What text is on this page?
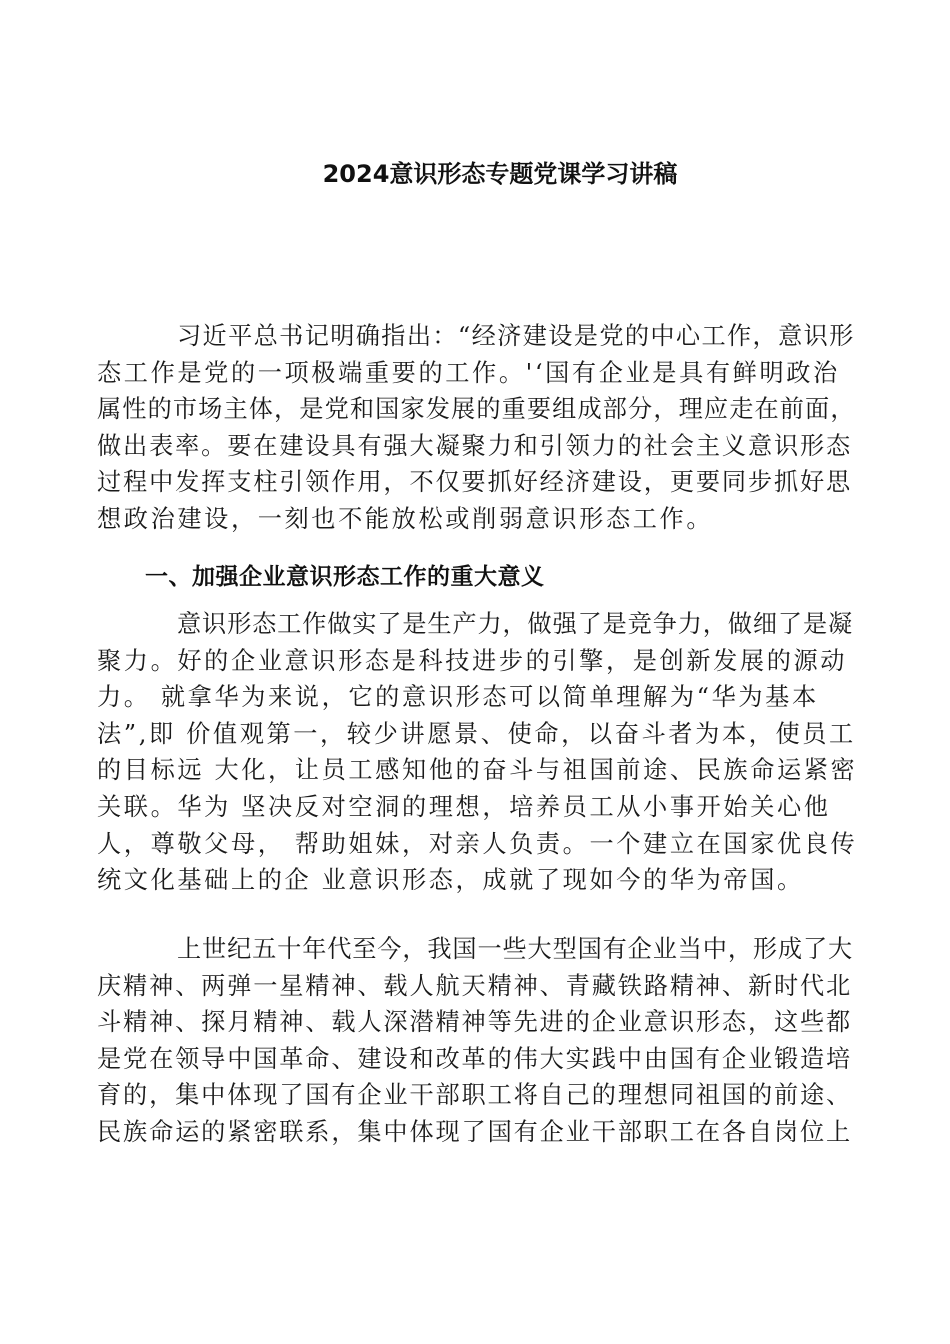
2024意识形态专题党课学习讲稿
习近平总书记明确指出：“经济建设是党的中心工作，意识形
态工作是党的一项极端重要的工作。'‘国有企业是具有鲜明政治
属性的市场主体，是党和国家发展的重要组成部分，理应走在前面，
做出表率。要在建设具有强大凝聚力和引领力的社会主义意识形态
过程中发挥支柱引领作用，不仅要抓好经济建设，更要同步抓好思
想政治建设，一刻也不能放松或削弱意识形态工作。
一、加强企业意识形态工作的重大意义
意识形态工作做实了是生产力，做强了是竞争力，做细了是凝
聚力。好的企业意识形态是科技进步的引擎，是创新发展的源动
力。 就拿华为来说，它的意识形态可以简单理解为“华为基本
法”,即 价值观第一，较少讲愿景、使命，以奋斗者为本，使员工
的目标远 大化，让员工感知他的奋斗与祖国前途、民族命运紧密
关联。华为 坚决反对空洞的理想，培养员工从小事开始关心他
人，尊敬父母， 帮助姐妹，对亲人负责。一个建立在国家优良传
统文化基础上的企 业意识形态，成就了现如今的华为帝国。
上世纪五十年代至今，我国一些大型国有企业当中，形成了大
庆精神、两弹一星精神、载人航天精神、青藏铁路精神、新时代北
斗精神、探月精神、载人深潜精神等先进的企业意识形态，这些都
是党在领导中国革命、建设和改革的伟大实践中由国有企业锻造培
育的，集中体现了国有企业干部职工将自己的理想同祖国的前途、
民族命运的紧密联系，集中体现了国有企业干部职工在各自岗位上
